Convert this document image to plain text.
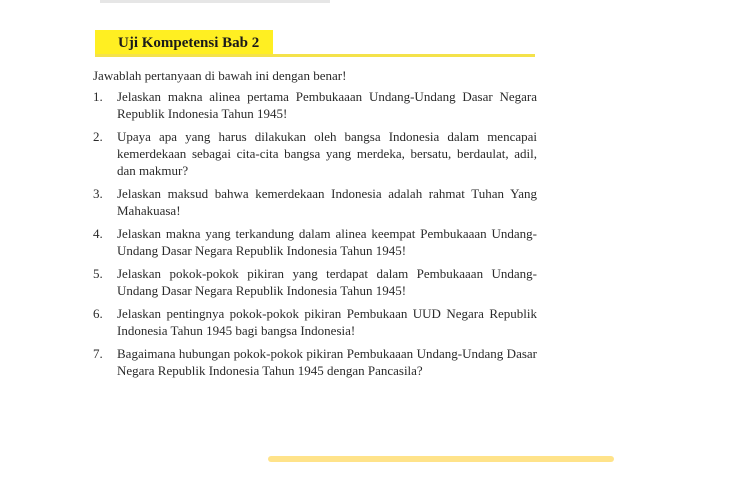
Uji Kompetensi Bab 2
Jawablah pertanyaan di bawah ini dengan benar!
1.	Jelaskan makna alinea pertama Pembukaaan Undang-Undang Dasar Negara Republik Indonesia Tahun 1945!
2.	Upaya apa yang harus dilakukan oleh bangsa Indonesia dalam mencapai kemerdekaan sebagai cita-cita bangsa yang merdeka, bersatu, berdaulat, adil, dan makmur?
3.	Jelaskan maksud bahwa kemerdekaan Indonesia adalah rahmat Tuhan Yang Mahakuasa!
4.	Jelaskan makna yang terkandung dalam alinea keempat Pembukaaan Undang-Undang Dasar Negara Republik Indonesia Tahun 1945!
5.	Jelaskan pokok-pokok pikiran yang terdapat dalam Pembukaaan Undang-Undang Dasar Negara Republik Indonesia Tahun 1945!
6.	Jelaskan pentingnya pokok-pokok pikiran Pembukaan UUD Negara Republik Indonesia Tahun 1945 bagi bangsa Indonesia!
7.	Bagaimana hubungan pokok-pokok pikiran Pembukaaan Undang-Undang Dasar Negara Republik Indonesia Tahun 1945 dengan Pancasila?
